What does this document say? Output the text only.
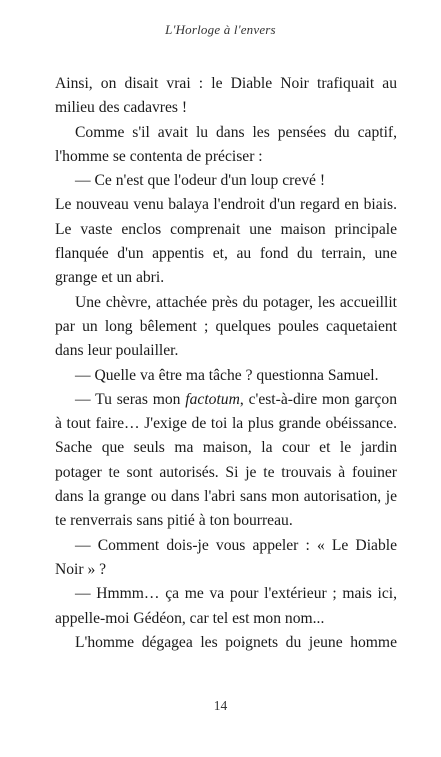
L'Horloge à l'envers

Ainsi, on disait vrai : le Diable Noir trafiquait au milieu des cadavres !

Comme s'il avait lu dans les pensées du captif, l'homme se contenta de préciser :

— Ce n'est que l'odeur d'un loup crevé !

Le nouveau venu balaya l'endroit d'un regard en biais. Le vaste enclos comprenait une maison principale flanquée d'un appentis et, au fond du terrain, une grange et un abri.

Une chèvre, attachée près du potager, les accueillit par un long bêlement ; quelques poules caquetaient dans leur poulailler.

— Quelle va être ma tâche ? questionna Samuel.

— Tu seras mon factotum, c'est-à-dire mon garçon à tout faire… J'exige de toi la plus grande obéissance. Sache que seuls ma maison, la cour et le jardin potager te sont autorisés. Si je te trouvais à fouiner dans la grange ou dans l'abri sans mon autorisation, je te renverrais sans pitié à ton bourreau.

— Comment dois-je vous appeler : « Le Diable Noir » ?

— Hmmm… ça me va pour l'extérieur ; mais ici, appelle-moi Gédéon, car tel est mon nom...

L'homme dégagea les poignets du jeune homme

14
